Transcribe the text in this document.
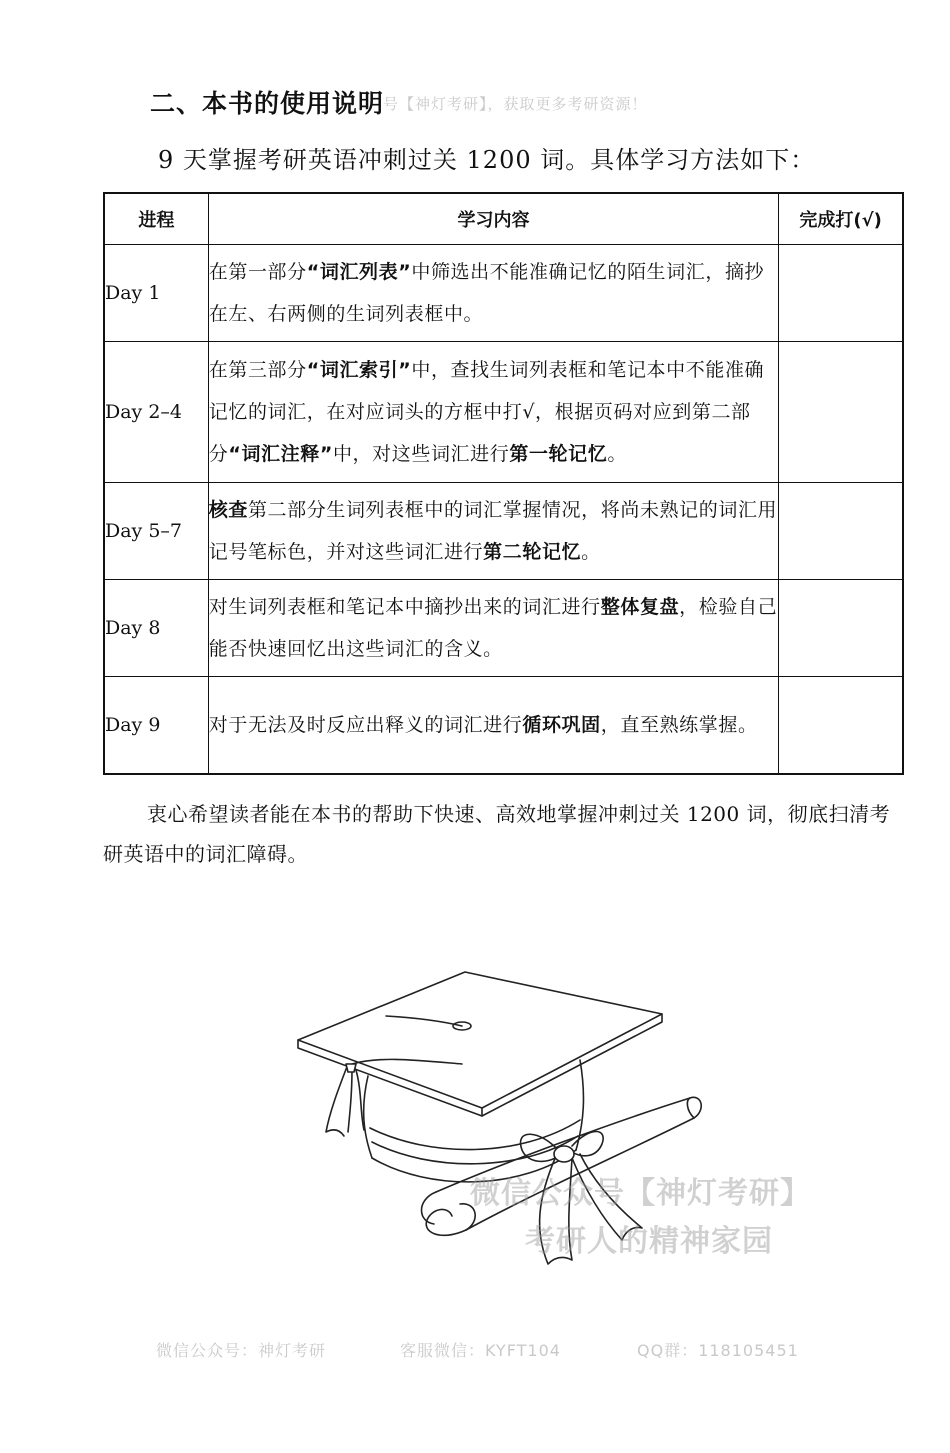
二、本书的使用说明
号【神灯考研】，获取更多考研资源！
9 天掌握考研英语冲刺过关 1200 词。具体学习方法如下：
进程	学习内容	完成打(√)
Day 1	在第一部分“词汇列表”中筛选出不能准确记忆的陌生词汇，摘抄在左、右两侧的生词列表框中。	
Day 2–4	在第三部分“词汇索引”中，查找生词列表框和笔记本中不能准确记忆的词汇，在对应词头的方框中打√，根据页码对应到第二部分“词汇注释”中，对这些词汇进行第一轮记忆。	
Day 5–7	核查第二部分生词列表框中的词汇掌握情况，将尚未熟记的词汇用记号笔标色，并对这些词汇进行第二轮记忆。	
Day 8	对生词列表框和笔记本中摘抄出来的词汇进行整体复盘，检验自己能否快速回忆出这些词汇的含义。	
Day 9	对于无法及时反应出释义的词汇进行循环巩固，直至熟练掌握。	
衷心希望读者能在本书的帮助下快速、高效地掌握冲刺过关 1200 词，彻底扫清考研英语中的词汇障碍。
微信公众号【神灯考研】
考研人的精神家园
微信公众号：神灯考研	客服微信：KYFT104	QQ群：118105451
